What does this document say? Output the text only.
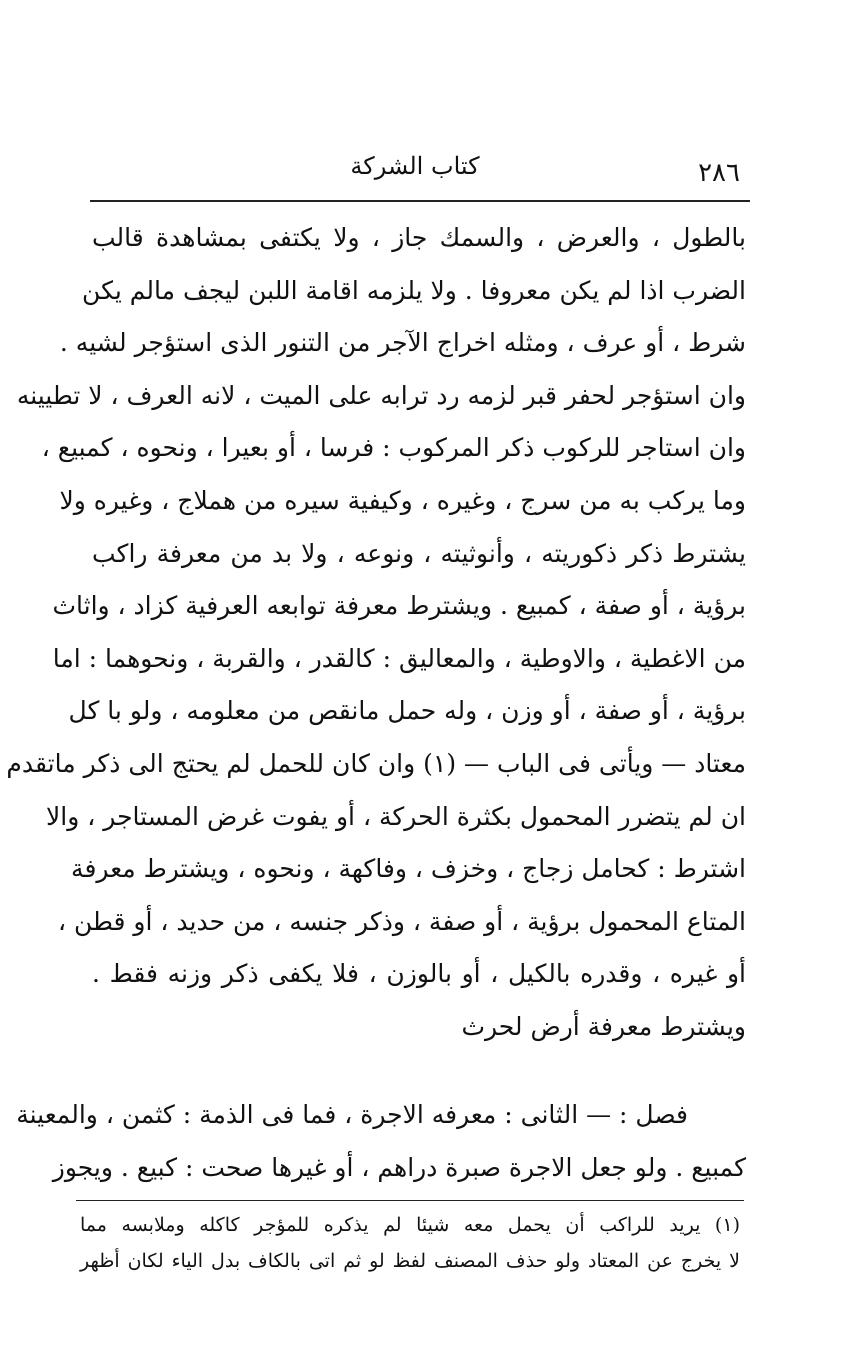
كتاب الشركة	٢٨٦
بالطول ، والعرض ، والسمك جاز ، ولا يكتفى بمشاهدة قالب
الضرب اذا لم يكن معروفا . ولا يلزمه اقامة اللبن ليجف مالم يكن
شرط ، أو عرف ، ومثله اخراج الآجر من التنور الذى استؤجر لشيه .
وان استؤجر لحفر قبر لزمه رد ترابه على الميت ، لانه العرف ، لا تطيينه
وان استاجر للركوب ذكر المركوب : فرسا ، أو بعيرا ، ونحوه ، كمبيع ،
وما يركب به من سرج ، وغيره ، وكيفية سيره من هملاج ، وغيره ولا
يشترط ذكر ذكوريته ، وأنوثيته ، ونوعه ، ولا بد من معرفة راكب
برؤية ، أو صفة ، كمبيع . ويشترط معرفة توابعه العرفية كزاد ، واثاث
من الاغطية ، والاوطية ، والمعاليق : كالقدر ، والقربة ، ونحوهما : اما
برؤية ، أو صفة ، أو وزن ، وله حمل مانقص من معلومه ، ولو با كل
معتاد — ويأتى فى الباب — (١) وان كان للحمل لم يحتج الى ذكر ماتقدم
ان لم يتضرر المحمول بكثرة الحركة ، أو يفوت غرض المستاجر ، والا
اشترط : كحامل زجاج ، وخزف ، وفاكهة ، ونحوه ، ويشترط معرفة
المتاع المحمول برؤية ، أو صفة ، وذكر جنسه ، من حديد ، أو قطن ،
أو غيره ، وقدره بالكيل ، أو بالوزن ، فلا يكفى ذكر وزنه فقط .
ويشترط معرفة أرض لحرث
فصل : — الثانى : معرفه الاجرة ، فما فى الذمة : كثمن ، والمعينة
كمبيع . ولو جعل الاجرة صبرة دراهم ، أو غيرها صحت : كبيع . ويجوز
(١) يريد للراكب أن يحمل معه شيئا لم يذكره للمؤجر كاكله وملابسه مما
لا يخرج عن المعتاد ولو حذف المصنف لفظ لو ثم اتى بالكاف بدل الياء لكان أظهر
